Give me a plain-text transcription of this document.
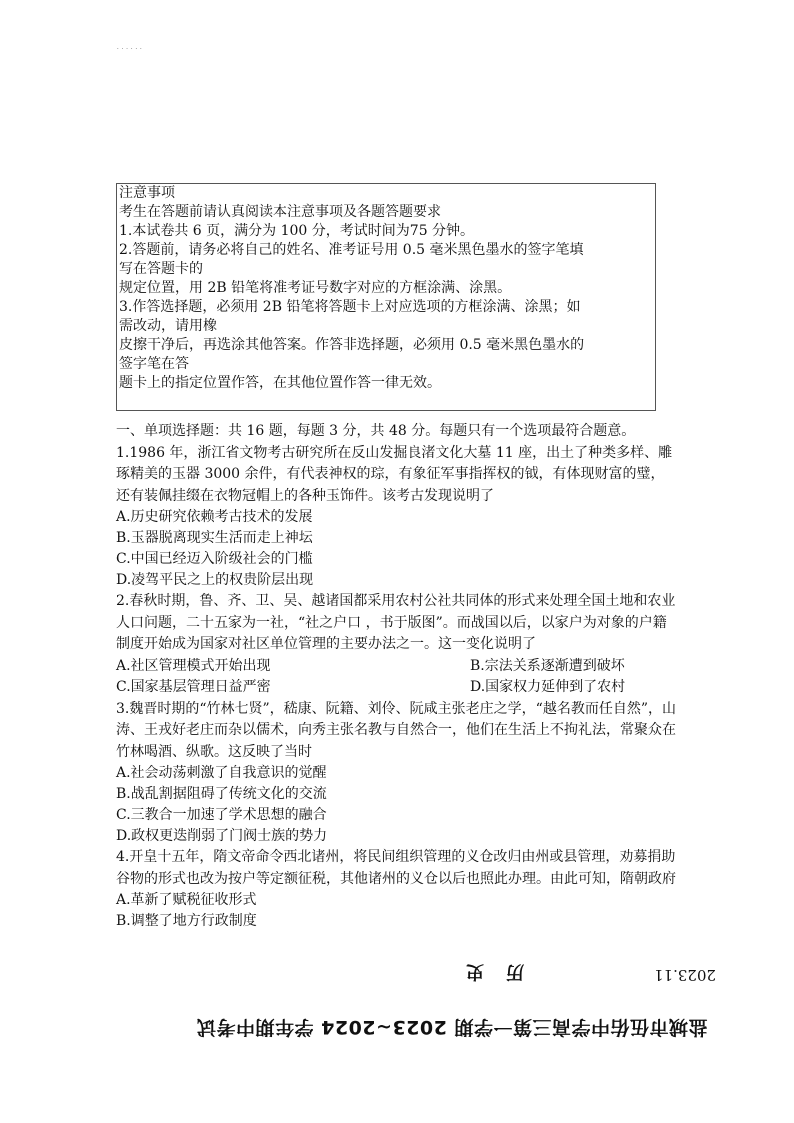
......
注意事项
考生在答题前请认真阅读本注意事项及各题答题要求
1.本试卷共 6 页，满分为 100 分，考试时间为75 分钟。
2.答题前，请务必将自己的姓名、准考证号用 0.5 毫米黑色墨水的签字笔填
写在答题卡的
规定位置，用 2B 铅笔将准考证号数字对应的方框涂满、涂黑。
3.作答选择题，必须用 2B 铅笔将答题卡上对应选项的方框涂满、涂黑；如
需改动，请用橡
皮擦干净后，再选涂其他答案。作答非选择题，必须用 0.5 毫米黑色墨水的
签字笔在答
题卡上的指定位置作答，在其他位置作答一律无效。

一、单项选择题：共 16 题，每题 3 分，共 48 分。每题只有一个选项最符合题意。

1.1986 年，浙江省文物考古研究所在反山发掘良渚文化大墓 11 座，出土了种类多样、雕琢精美的玉器 3000 余件，有代表神权的琮，有象征军事指挥权的钺，有体现财富的璧，还有装佩挂缀在衣物冠帽上的各种玉饰件。该考古发现说明了

A.历史研究依赖考古技术的发展
B.玉器脱离现实生活而走上神坛
C.中国已经迈入阶级社会的门槛
D.凌驾平民之上的权贵阶层出现

2.春秋时期，鲁、齐、卫、吴、越诸国都采用农村公社共同体的形式来处理全国土地和农业人口问题，二十五家为一社，“社之户口 ，书于版图”。而战国以后，以家户为对象的户籍制度开始成为国家对社区单位管理的主要办法之一。这一变化说明了

A.社区管理模式开始出现	B.宗法关系逐渐遭到破坏
C.国家基层管理日益严密	D.国家权力延伸到了农村

3.魏晋时期的“竹林七贤”，嵇康、阮籍、刘伶、阮咸主张老庄之学，“越名教而任自然”，山涛、王戎好老庄而杂以儒术，向秀主张名教与自然合一，他们在生活上不拘礼法，常聚众在竹林喝酒、纵歌。这反映了当时

A.社会动荡刺激了自我意识的觉醒
B.战乱割据阻碍了传统文化的交流
C.三教合一加速了学术思想的融合
D.政权更迭削弱了门阀士族的势力

4.开皇十五年，隋文帝命令西北诸州，将民间组织管理的义仓改归由州或县管理，劝募捐助谷物的形式也改为按户等定额征税，其他诸州的义仓以后也照此办理。由此可知，隋朝政府

A.革新了赋税征收形式
B.调整了地方行政制度
盐城市伍佑中学高三第一学期 2023~2024 学年期中考试
历史	2023.11
